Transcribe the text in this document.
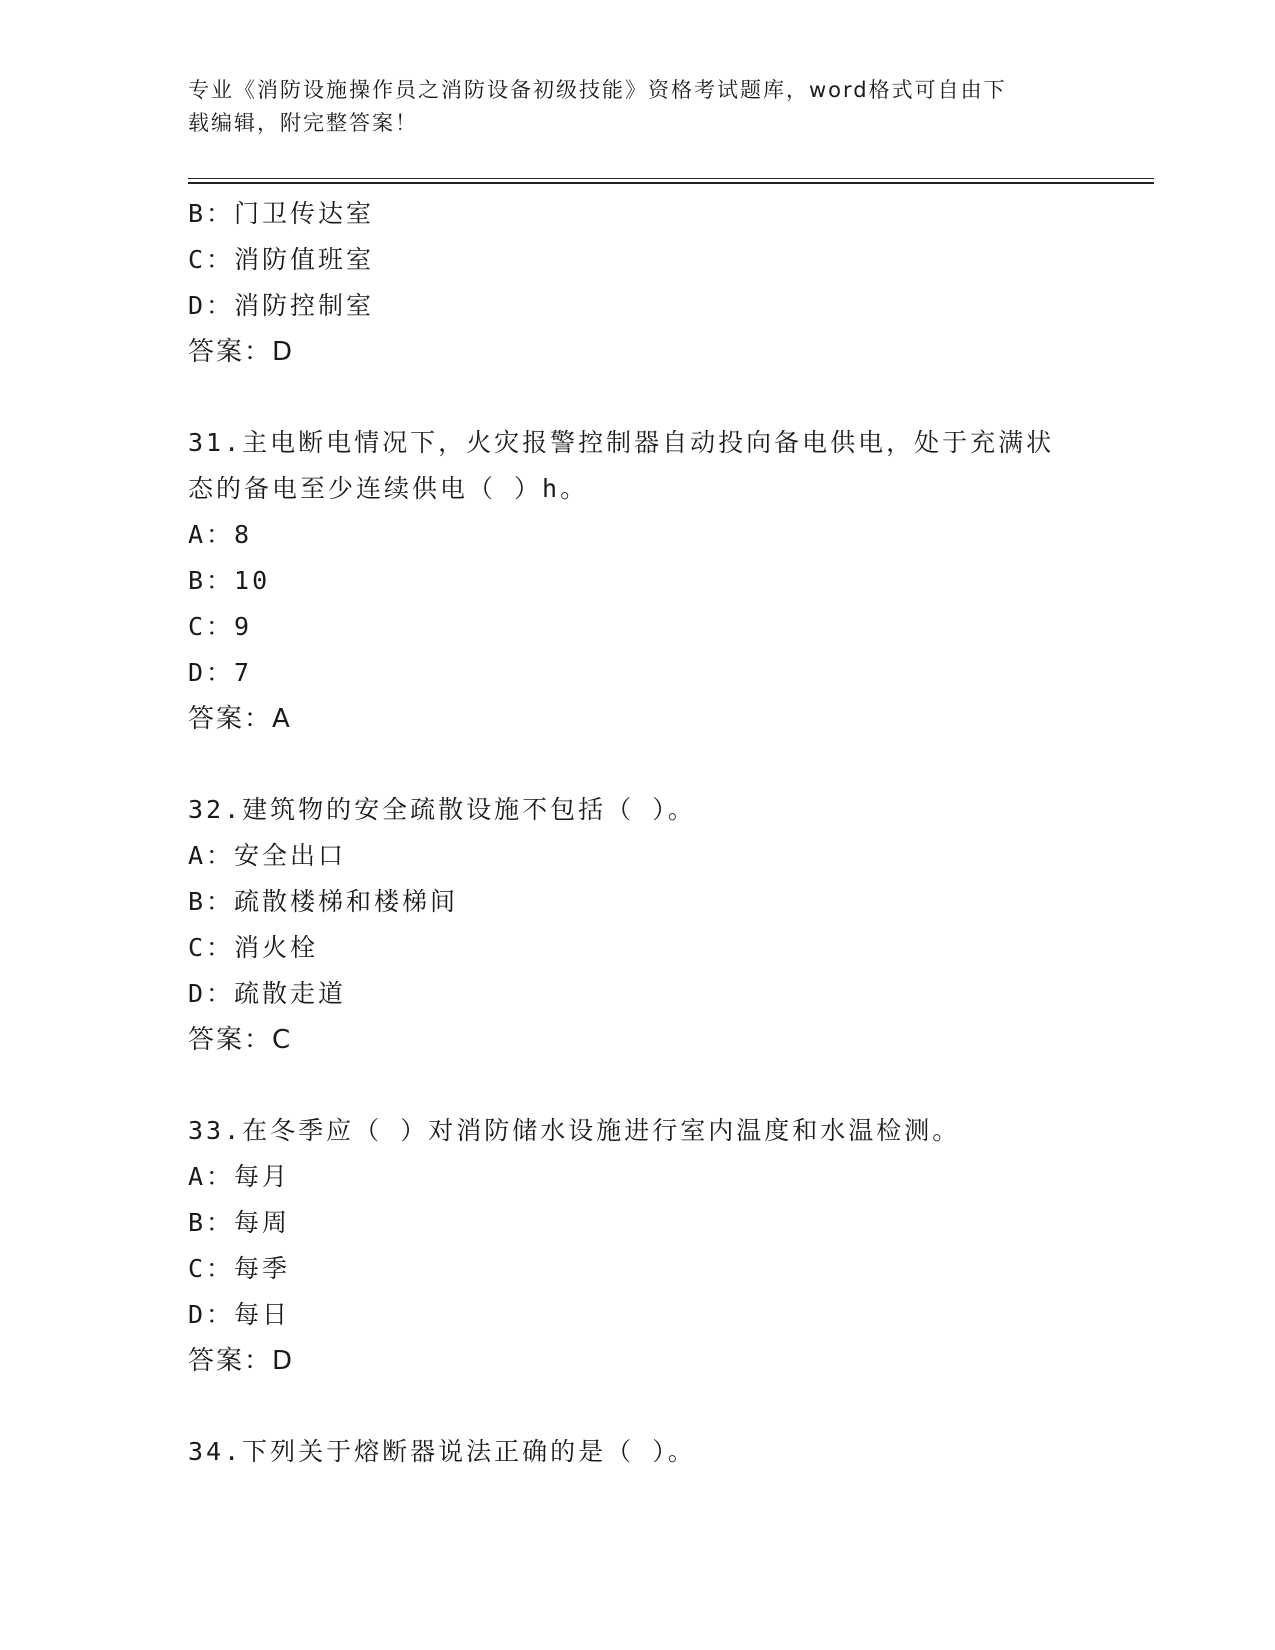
专业《消防设施操作员之消防设备初级技能》资格考试题库，word格式可自由下
载编辑，附完整答案！
B：门卫传达室
C：消防值班室
D：消防控制室
答案：D
31.主电断电情况下，火灾报警控制器自动投向备电供电，处于充满状
态的备电至少连续供电（ ）h。
A：8
B：10
C：9
D：7
答案：A
32.建筑物的安全疏散设施不包括（ ）。
A：安全出口
B：疏散楼梯和楼梯间
C：消火栓
D：疏散走道
答案：C
33.在冬季应（ ）对消防储水设施进行室内温度和水温检测。
A：每月
B：每周
C：每季
D：每日
答案：D
34.下列关于熔断器说法正确的是（ ）。
